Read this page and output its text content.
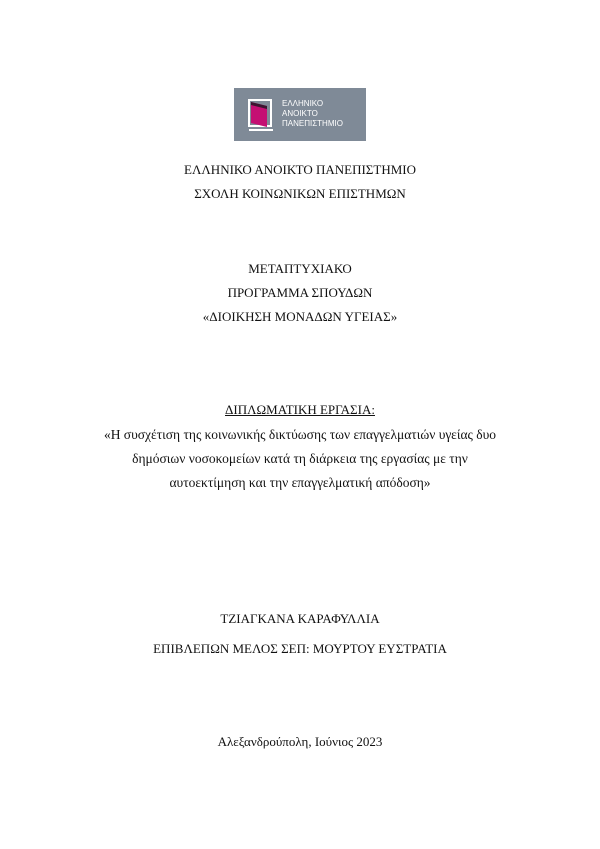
ΕΛΛΗΝΙΚΟ
ΑΝΟΙΚΤΟ
ΠΑΝΕΠΙΣΤΗΜΙΟ
ΕΛΛΗΝΙΚΟ ΑΝΟΙΚΤΟ ΠΑΝΕΠΙΣΤΗΜΙΟ
ΣΧΟΛΗ ΚΟΙΝΩΝΙΚΩΝ ΕΠΙΣΤΗΜΩΝ
ΜΕΤΑΠΤΥΧΙΑΚΟ
ΠΡΟΓΡΑΜΜΑ ΣΠΟΥΔΩΝ
«ΔΙΟΙΚΗΣΗ ΜΟΝΑΔΩΝ ΥΓΕΙΑΣ»
ΔΙΠΛΩΜΑΤΙΚΗ ΕΡΓΑΣΙΑ:
«Η συσχέτιση της κοινωνικής δικτύωσης των επαγγελματιών υγείας δυο
δημόσιων νοσοκομείων κατά τη διάρκεια της εργασίας με την
αυτοεκτίμηση και την επαγγελματική απόδοση»
ΤΖΙΑΓΚΑΝΑ ΚΑΡΑΦΥΛΛΙΑ
ΕΠΙΒΛΕΠΩΝ ΜΕΛΟΣ ΣΕΠ: ΜΟΥΡΤΟΥ ΕΥΣΤΡΑΤΙΑ
Αλεξανδρούπολη, Ιούνιος 2023
